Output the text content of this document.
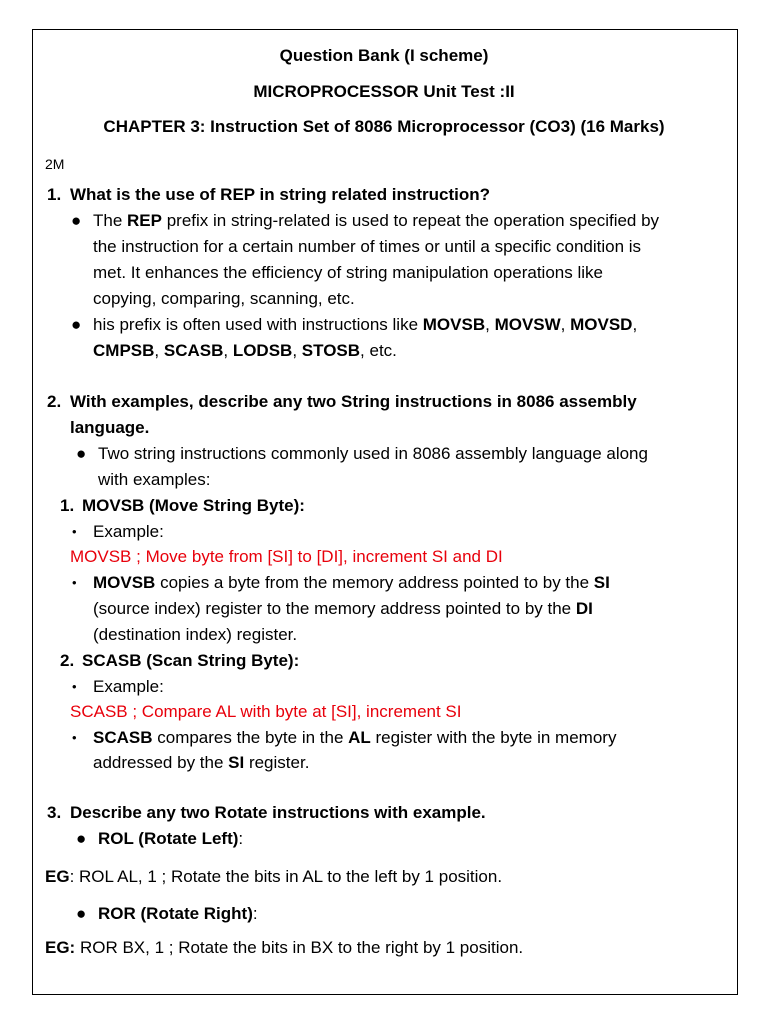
Question Bank (I scheme)
MICROPROCESSOR Unit Test :II
CHAPTER 3: Instruction Set of 8086 Microprocessor (CO3) (16 Marks)
2M
1. What is the use of REP in string related instruction?
● The REP prefix in string-related is used to repeat the operation specified by
the instruction for a certain number of times or until a specific condition is
met. It enhances the efficiency of string manipulation operations like
copying, comparing, scanning, etc.
● his prefix is often used with instructions like MOVSB, MOVSW, MOVSD,
CMPSB, SCASB, LODSB, STOSB, etc.
2. With examples, describe any two String instructions in 8086 assembly
language.
● Two string instructions commonly used in 8086 assembly language along
with examples:
1. MOVSB (Move String Byte):
• Example:
MOVSB ; Move byte from [SI] to [DI], increment SI and DI
• MOVSB copies a byte from the memory address pointed to by the SI
(source index) register to the memory address pointed to by the DI
(destination index) register.
2. SCASB (Scan String Byte):
• Example:
SCASB ; Compare AL with byte at [SI], increment SI
• SCASB compares the byte in the AL register with the byte in memory
addressed by the SI register.
3. Describe any two Rotate instructions with example.
● ROL (Rotate Left):
EG: ROL AL, 1 ; Rotate the bits in AL to the left by 1 position.
● ROR (Rotate Right):
EG: ROR BX, 1 ; Rotate the bits in BX to the right by 1 position.
